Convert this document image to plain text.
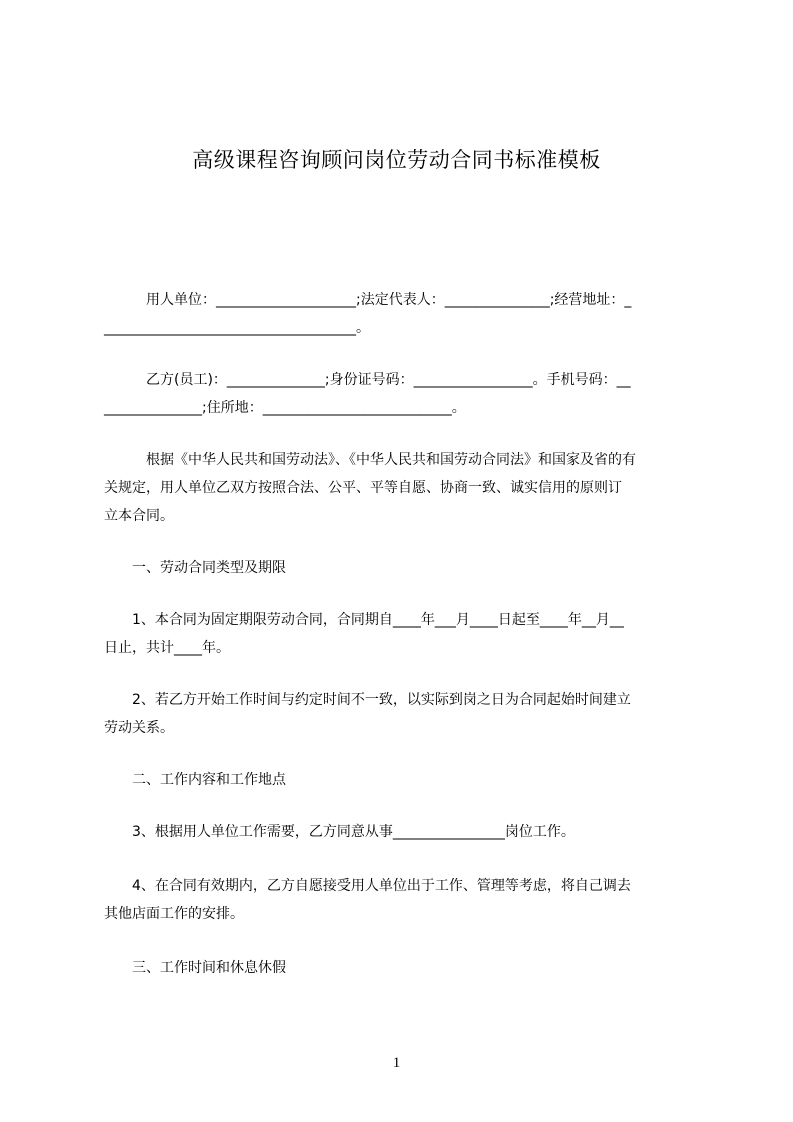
高级课程咨询顾问岗位劳动合同书标准模板
　　　用人单位：____________________;法定代表人：_______________;经营地址：_
____________________________________。
　　　乙方(员工)：______________;身份证号码：_________________。手机号码：__
______________;住所地：___________________________。
　　　根据《中华人民共和国劳动法》、《中华人民共和国劳动合同法》和国家及省的有
关规定，用人单位乙双方按照合法、公平、平等自愿、协商一致、诚实信用的原则订
立本合同。
　　一、劳动合同类型及期限
　　1、本合同为固定期限劳动合同，合同期自____年___月____日起至____年__月__
日止，共计____年。
　　2、若乙方开始工作时间与约定时间不一致，以实际到岗之日为合同起始时间建立
劳动关系。
　　二、工作内容和工作地点
　　3、根据用人单位工作需要，乙方同意从事________________岗位工作。
　　4、在合同有效期内，乙方自愿接受用人单位出于工作、管理等考虑，将自己调去
其他店面工作的安排。
　　三、工作时间和休息休假
1
